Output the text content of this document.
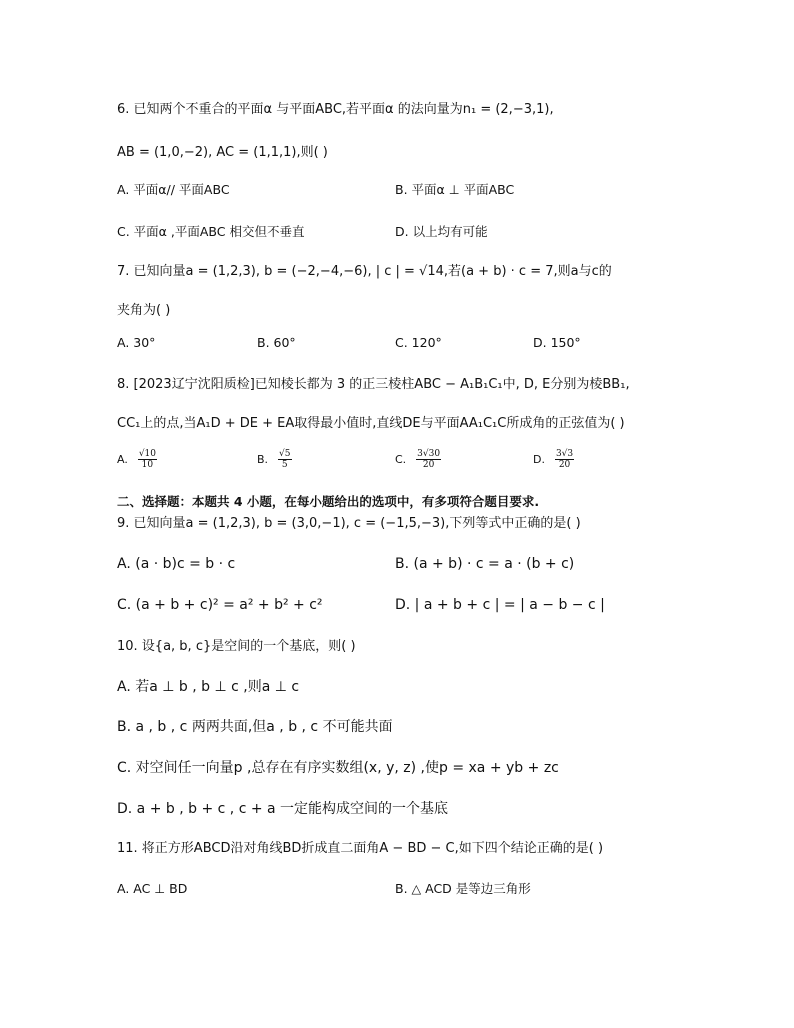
6. 已知两个不重合的平面α 与平面ABC,若平面α 的法向量为n₁ = (2,−3,1),
AB = (1,0,−2), AC = (1,1,1),则( )
A. 平面α// 平面ABC	B. 平面α ⊥ 平面ABC
C. 平面α ,平面ABC 相交但不垂直	D. 以上均有可能
7. 已知向量a = (1,2,3), b = (−2,−4,−6), | c | = √14,若(a + b) · c = 7,则a与c的
夹角为( )
A. 30°	B. 60°	C. 120°	D. 150°
8. [2023辽宁沈阳质检]已知棱长都为 3 的正三棱柱ABC − A₁B₁C₁中, D, E分别为棱BB₁,
CC₁上的点,当A₁D + DE + EA取得最小值时,直线DE与平面AA₁C₁C所成角的正弦值为( )
A. $\frac{√10}{10}$	B. $\frac{√5}{5}$	C. $\frac{3√30}{20}$	D. $\frac{3√3}{20}$
二、选择题：本题共 4 小题，在每小题给出的选项中，有多项符合题目要求.
9. 已知向量a = (1,2,3), b = (3,0,−1), c = (−1,5,−3),下列等式中正确的是( )
A. (a · b)c = b · c	B. (a + b) · c = a · (b + c)
C. (a + b + c)² = a² + b² + c²	D. | a + b + c | = | a − b − c |
10. 设{a, b, c}是空间的一个基底，则( )
A. 若a ⊥ b , b ⊥ c ,则a ⊥ c
B. a , b , c 两两共面,但a , b , c 不可能共面
C. 对空间任一向量p ,总存在有序实数组(x, y, z) ,使p = xa + yb + zc
D. a + b , b + c , c + a 一定能构成空间的一个基底
11. 将正方形ABCD沿对角线BD折成直二面角A − BD − C,如下四个结论正确的是( )
A. AC ⊥ BD	B. △ ACD 是等边三角形
